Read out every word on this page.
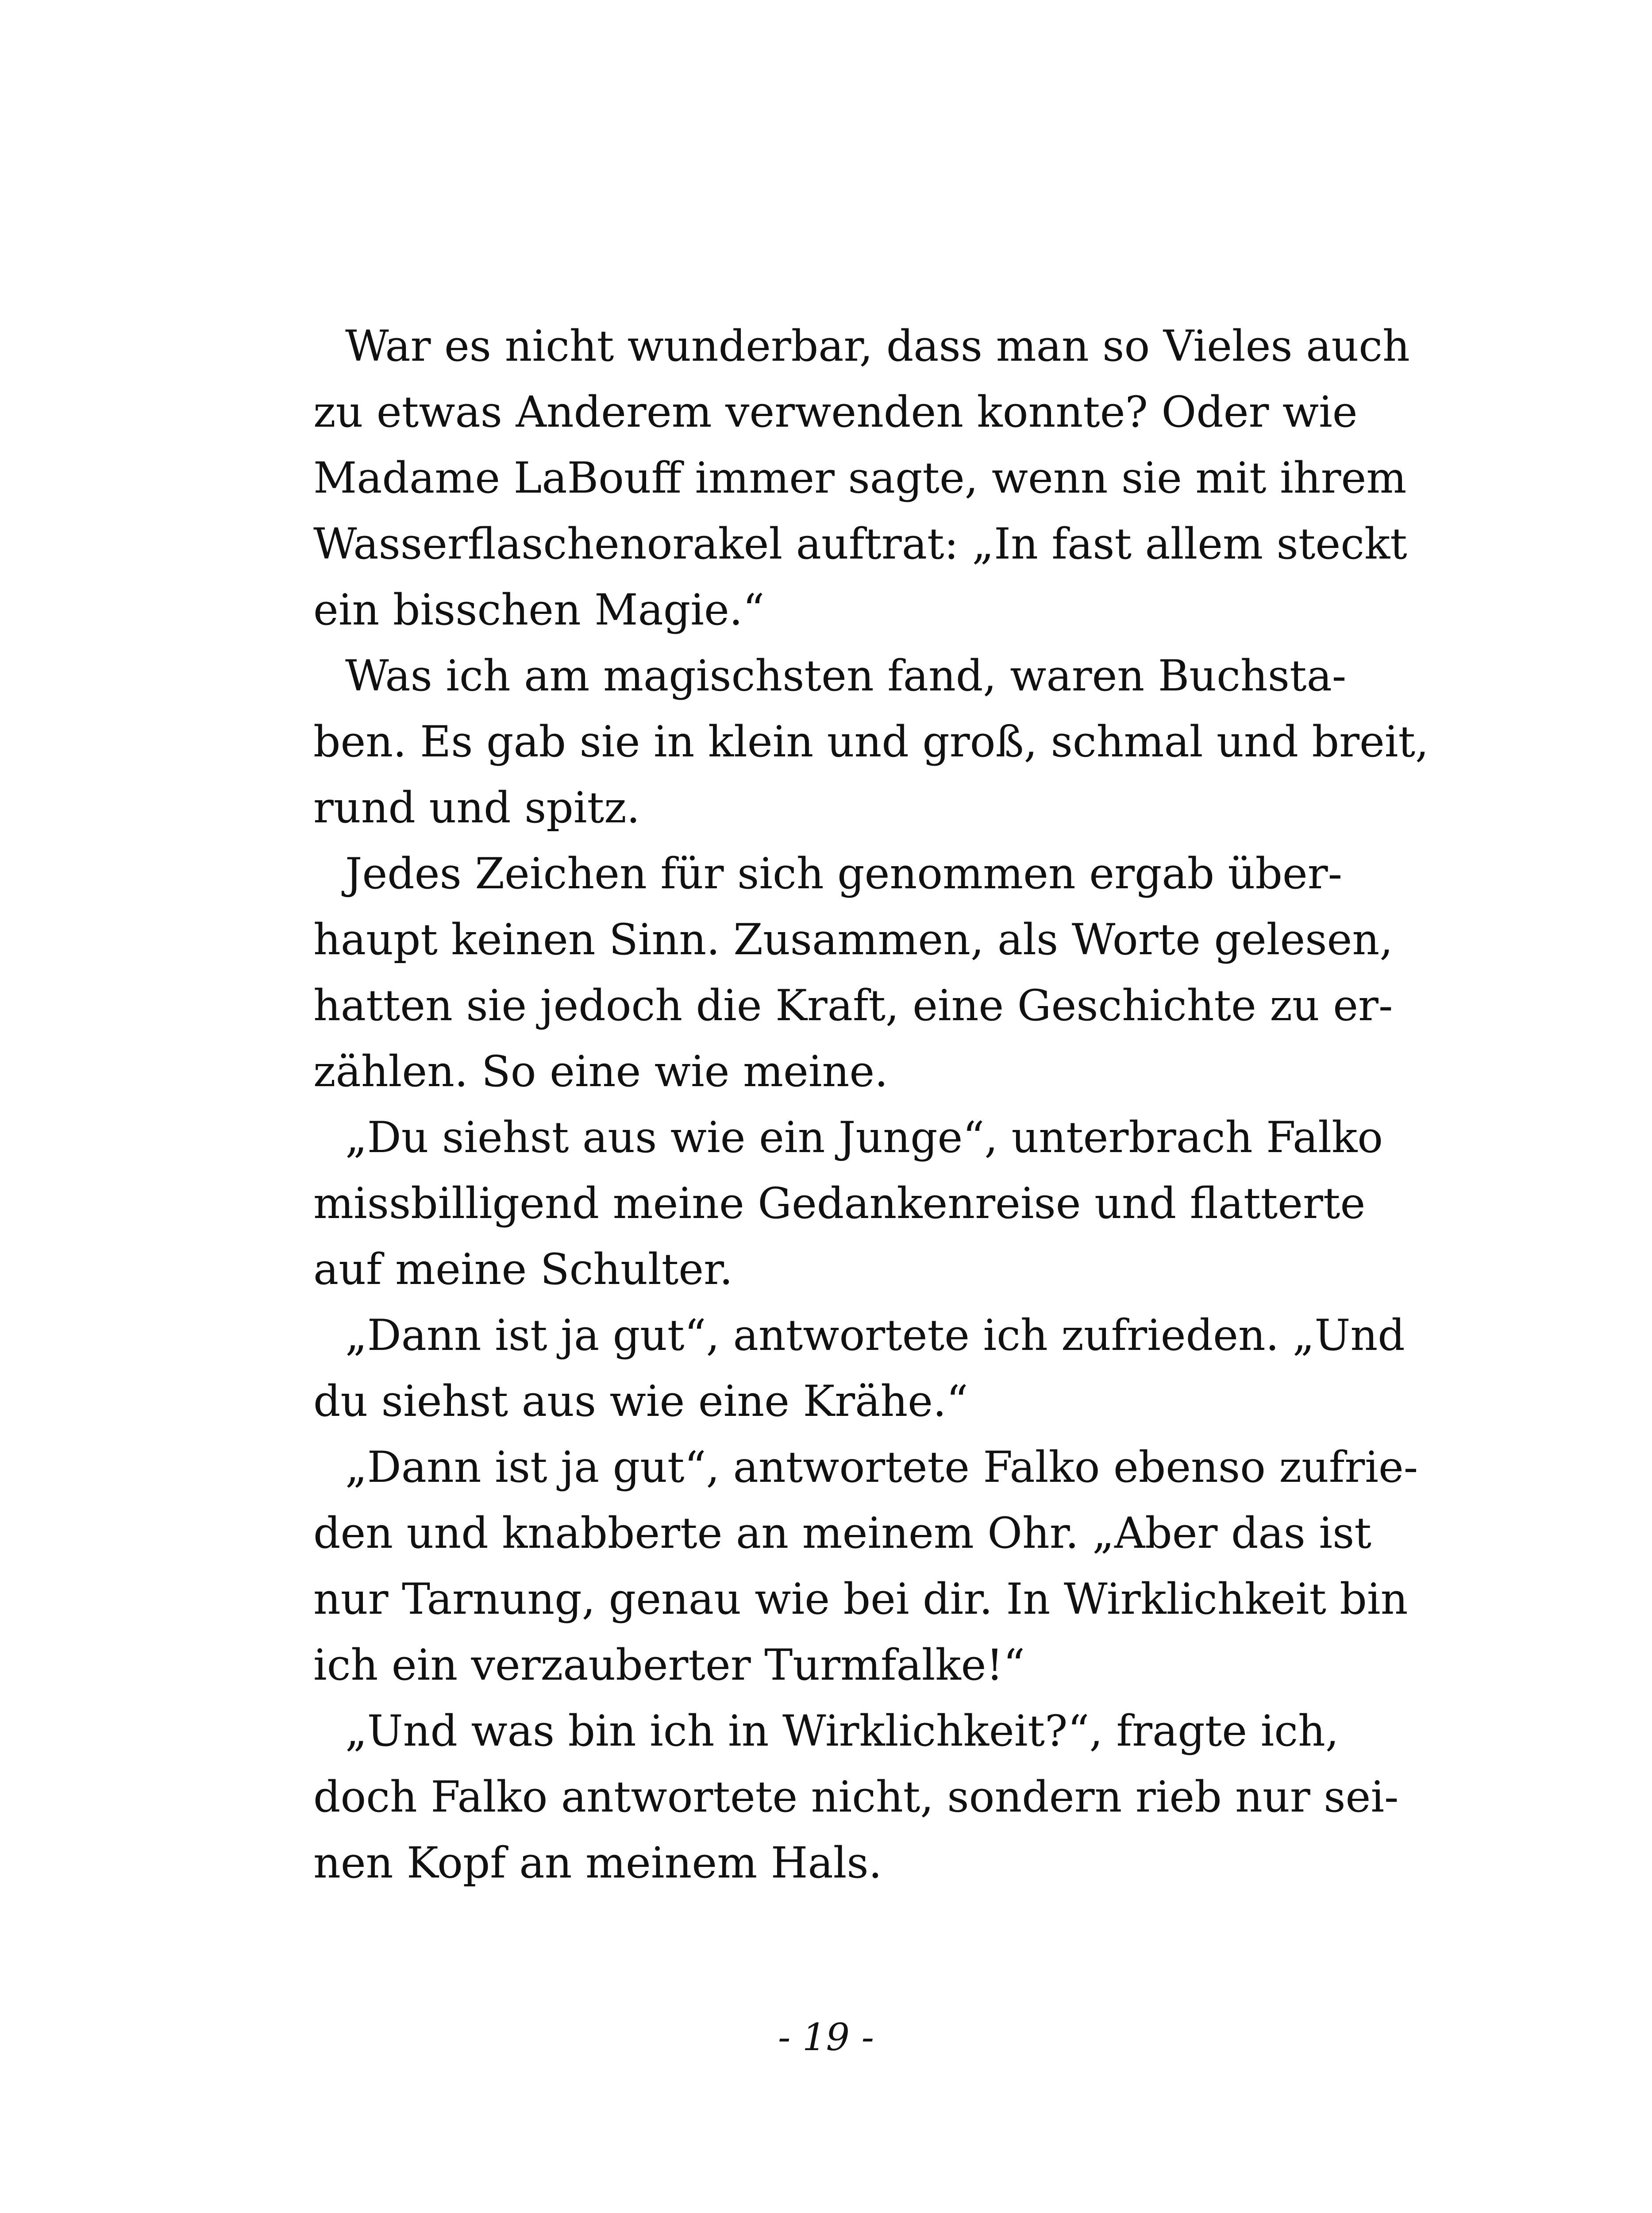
War es nicht wunderbar, dass man so Vieles auch
zu etwas Anderem verwenden konnte? Oder wie
Madame LaBouff immer sagte, wenn sie mit ihrem
Wasserflaschenorakel auftrat: „In fast allem steckt
ein bisschen Magie.“
Was ich am magischsten fand, waren Buchsta-
ben. Es gab sie in klein und groß, schmal und breit,
rund und spitz.
Jedes Zeichen für sich genommen ergab über-
haupt keinen Sinn. Zusammen, als Worte gelesen,
hatten sie jedoch die Kraft, eine Geschichte zu er-
zählen. So eine wie meine.
„Du siehst aus wie ein Junge“, unterbrach Falko
missbilligend meine Gedankenreise und flatterte
auf meine Schulter.
„Dann ist ja gut“, antwortete ich zufrieden. „Und
du siehst aus wie eine Krähe.“
„Dann ist ja gut“, antwortete Falko ebenso zufrie-
den und knabberte an meinem Ohr. „Aber das ist
nur Tarnung, genau wie bei dir. In Wirklichkeit bin
ich ein verzauberter Turmfalke!“
„Und was bin ich in Wirklichkeit?“, fragte ich,
doch Falko antwortete nicht, sondern rieb nur sei-
nen Kopf an meinem Hals.
- 19 -
